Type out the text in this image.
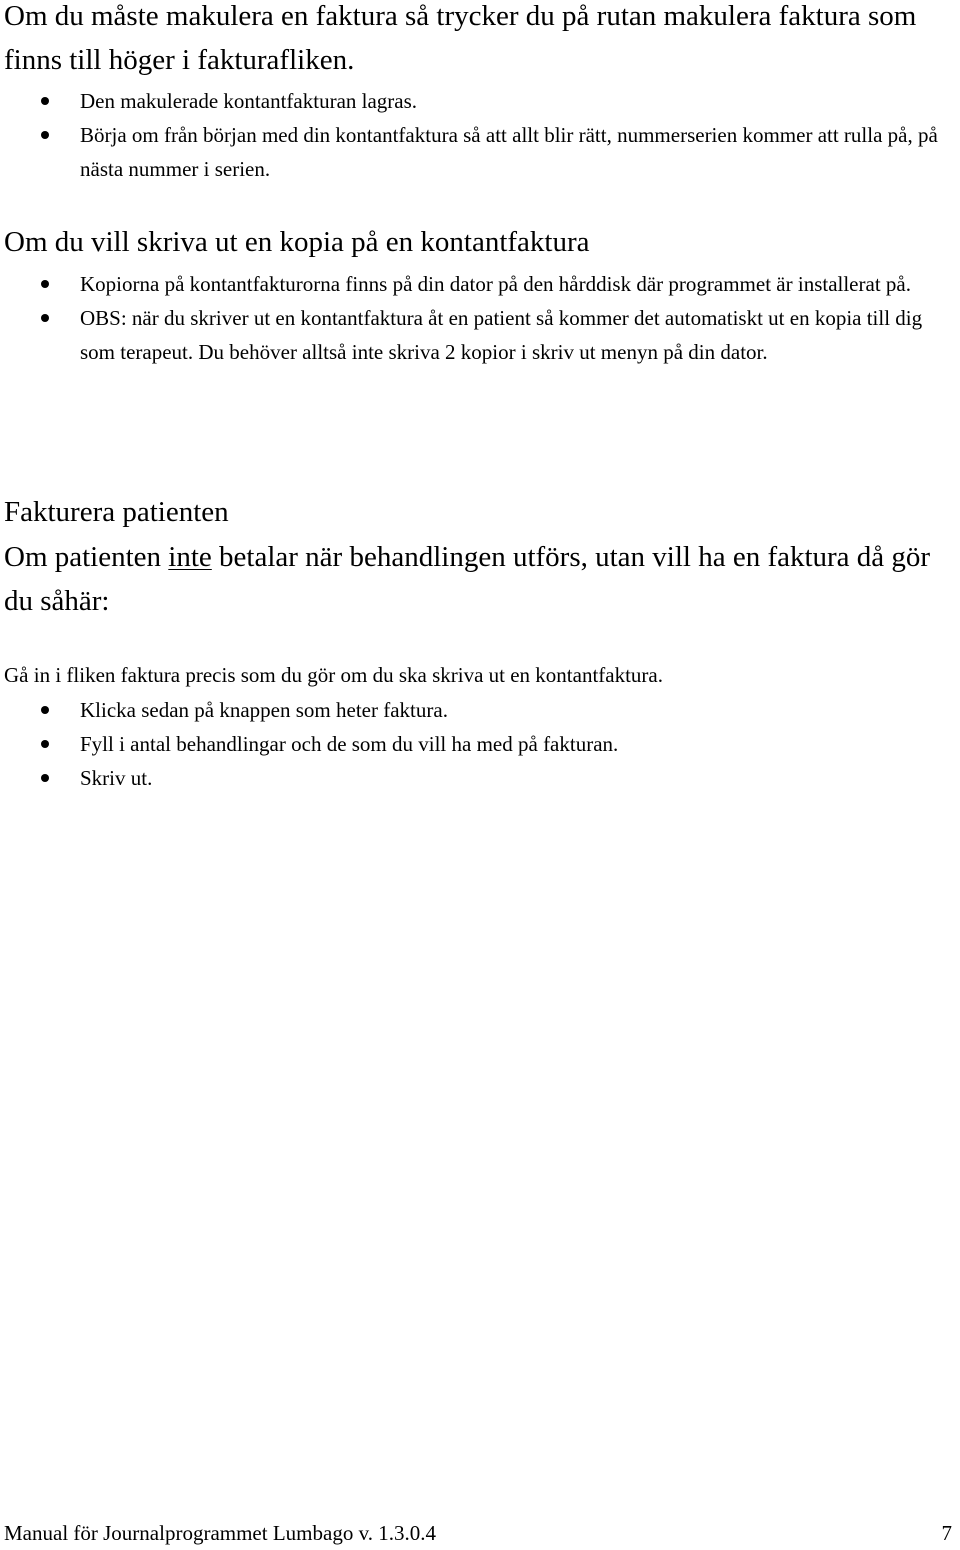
Om du måste makulera en faktura så trycker du på rutan makulera faktura som finns till höger i fakturafliken.
Den makulerade kontantfakturan lagras.
Börja om från början med din kontantfaktura så att allt blir rätt, nummerserien kommer att rulla på, på nästa nummer i serien.
Om du vill skriva ut en kopia på en kontantfaktura
Kopiorna på kontantfakturorna finns på din dator på den hårddisk där programmet är installerat på.
OBS: när du skriver ut en kontantfaktura åt en patient så kommer det automatiskt ut en kopia till dig som terapeut. Du behöver alltså inte skriva 2 kopior i skriv ut menyn på din dator.
Fakturera patienten
Om patienten inte betalar när behandlingen utförs, utan vill ha en faktura då gör du såhär:
Gå in i fliken faktura precis som du gör om du ska skriva ut en kontantfaktura.
Klicka sedan på knappen som heter faktura.
Fyll i antal behandlingar och de som du vill ha med på fakturan.
Skriv ut.
Manual för Journalprogrammet Lumbago v. 1.3.0.4	7
